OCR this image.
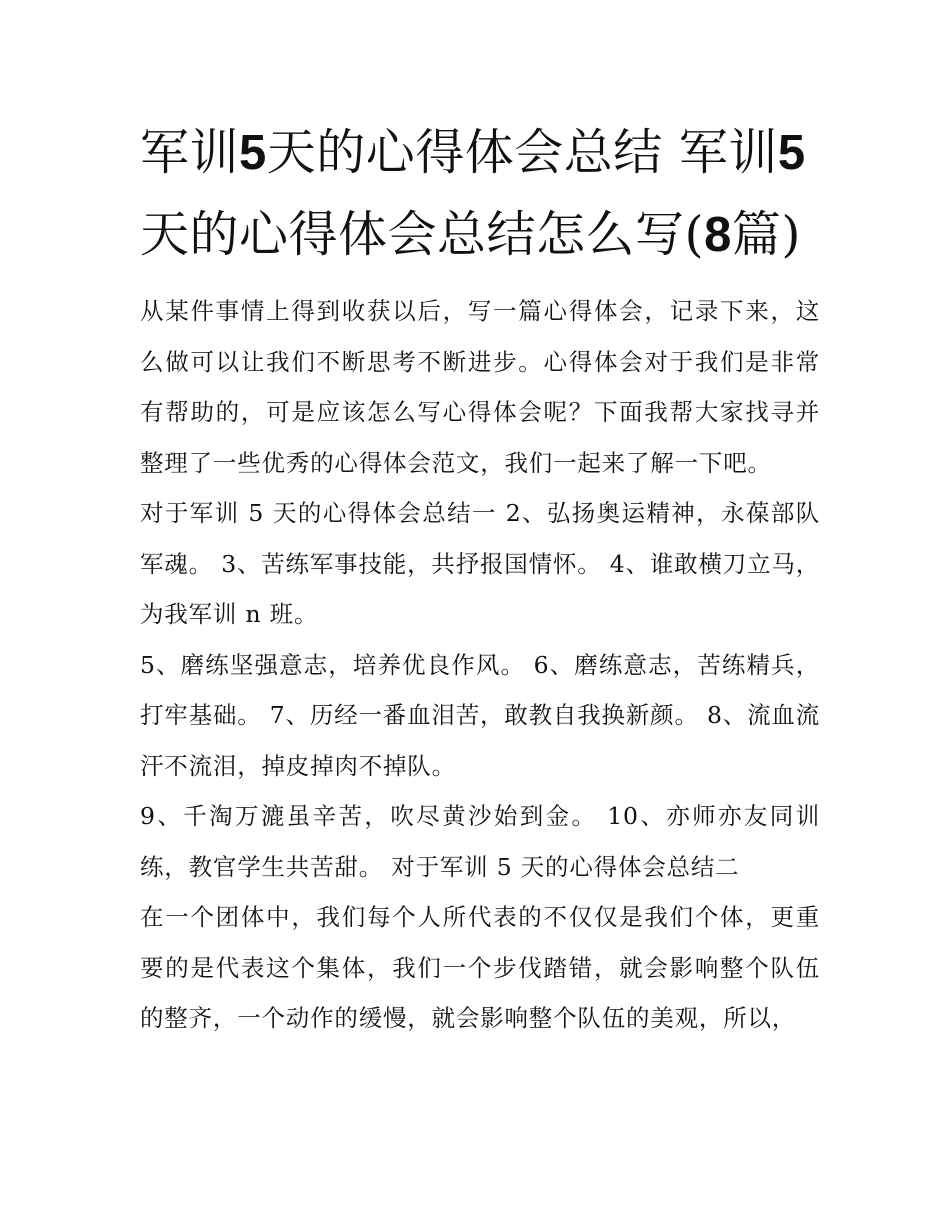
军训5天的心得体会总结 军训5天的心得体会总结怎么写(8篇)

从某件事情上得到收获以后，写一篇心得体会，记录下来，这么做可以让我们不断思考不断进步。心得体会对于我们是非常有帮助的，可是应该怎么写心得体会呢？下面我帮大家找寻并整理了一些优秀的心得体会范文，我们一起来了解一下吧。

对于军训 5 天的心得体会总结一 2、弘扬奥运精神，永葆部队军魂。 3、苦练军事技能，共抒报国情怀。 4、谁敢横刀立马，为我军训 n 班。

5、磨练坚强意志，培养优良作风。 6、磨练意志，苦练精兵，打牢基础。 7、历经一番血泪苦，敢教自我换新颜。 8、流血流汗不流泪，掉皮掉肉不掉队。

9、千淘万漉虽辛苦，吹尽黄沙始到金。 10、亦师亦友同训练，教官学生共苦甜。 对于军训 5 天的心得体会总结二

在一个团体中，我们每个人所代表的不仅仅是我们个体，更重要的是代表这个集体，我们一个步伐踏错，就会影响整个队伍的整齐，一个动作的缓慢，就会影响整个队伍的美观，所以，
